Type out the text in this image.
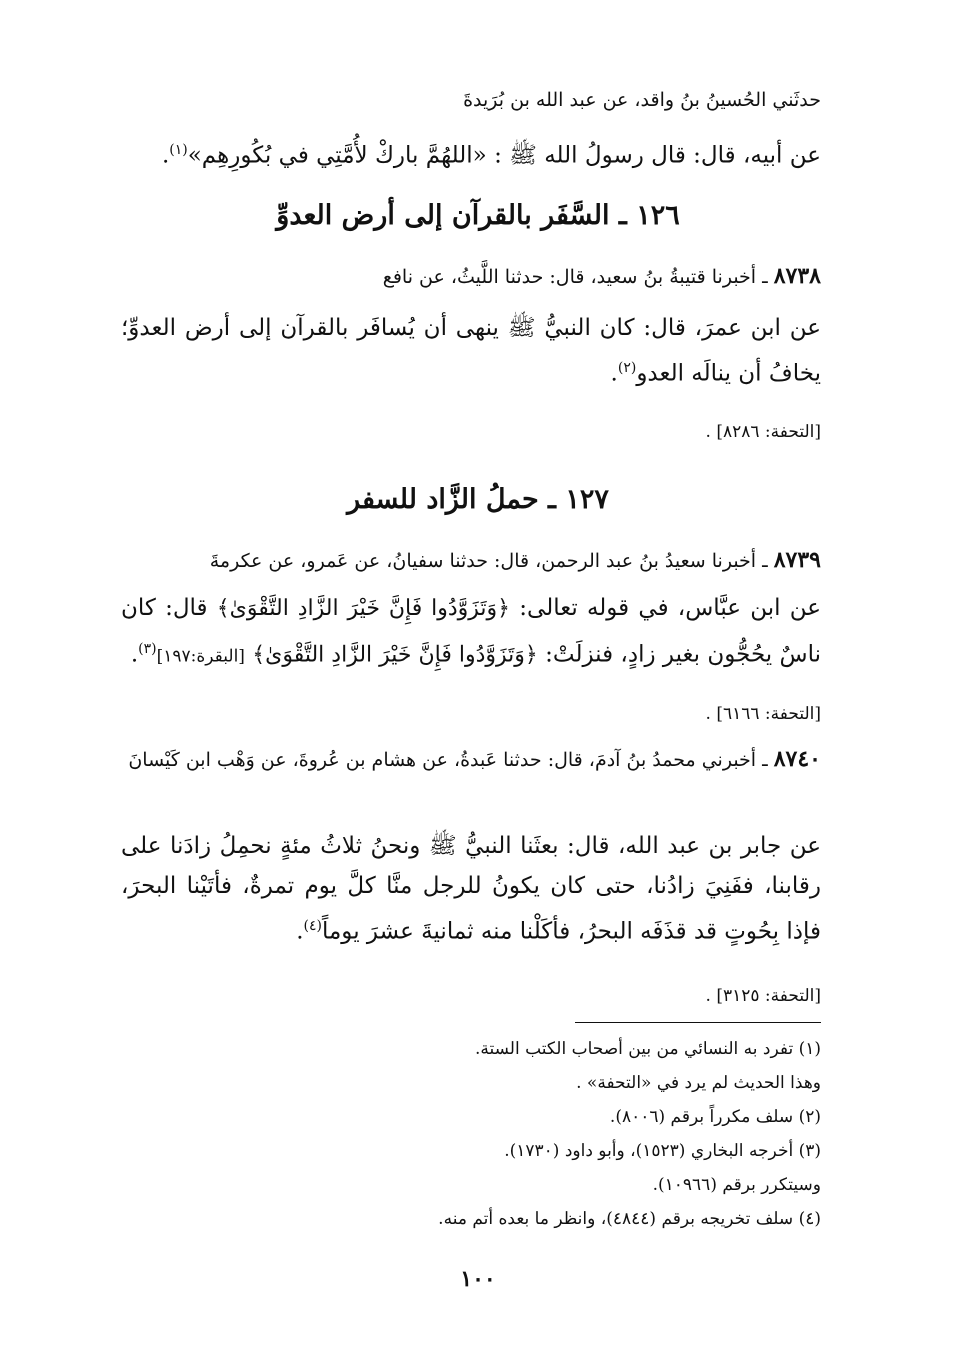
حدثَني الحُسينُ بنُ واقد، عن عبد الله بن بُرَيدةَ
عن أبيه، قال: قال رسولُ الله ﷺ : «اللهُمَّ باركْ لأُمَّتِي في بُكُورِهِم»$^{(١)}$.
١٢٦ ـ السَّفَر بالقرآن إلى أرض العدوِّ
٨٧٣٨ ـ أخبرنا قتيبةُ بنُ سعيد، قال: حدثنا اللَّيثُ، عن نافع
عن ابن عمرَ، قال: كان النبيُّ ﷺ ينهى أن يُسافَر بالقرآن إلى أرض العدوِّ؛ يخافُ أن ينالَه العدو$^{(٢)}$.
[التحفة: ٨٢٨٦] .
١٢٧ ـ حملُ الزَّاد للسفر
٨٧٣٩ ـ أخبرنا سعيدُ بنُ عبد الرحمن، قال: حدثنا سفيانُ، عن عَمرو، عن عكرمةَ
عن ابن عبَّاس، في قوله تعالى: ﴿وَتَزَوَّدُوا فَإِنَّ خَيْرَ الزَّادِ التَّقْوَىٰ﴾ قال: كان ناسٌ يحُجُّون بغير زادٍ، فنزلَتْ: ﴿وَتَزَوَّدُوا فَإِنَّ خَيْرَ الزَّادِ التَّقْوَىٰ﴾ [البقرة:١٩٧]$^{(٣)}$.
[التحفة: ٦١٦٦] .
٨٧٤٠ ـ أخبرني محمدُ بنُ آدمَ، قال: حدثنا عَبدةُ، عن هشام بن عُروةَ، عن وَهْب ابن كَيْسانَ
عن جابر بن عبد الله، قال: بعثَنا النبيُّ ﷺ ونحنُ ثلاثُ مئةٍ نحمِلُ زادَنا على رقابنا، ففَنِيَ زادُنا، حتى كان يكونُ للرجل منَّا كلَّ يوم تمرةٌ، فأتَيْنا البحرَ، فإذا بِحُوتٍ قد قذَفَه البحرُ، فأكَلْنا منه ثمانيةَ عشرَ يوماً$^{(٤)}$.
[التحفة: ٣١٢٥] .
(١) تفرد به النسائي من بين أصحاب الكتب الستة.
وهذا الحديث لم يرد في «التحفة» .
(٢) سلف مكرراً برقم (٨٠٠٦).
(٣) أخرجه البخاري (١٥٢٣)، وأبو داود (١٧٣٠).
وسيتكرر برقم (١٠٩٦٦).
(٤) سلف تخريجه برقم (٤٨٤٤)، وانظر ما بعده أتم منه.
١٠٠
